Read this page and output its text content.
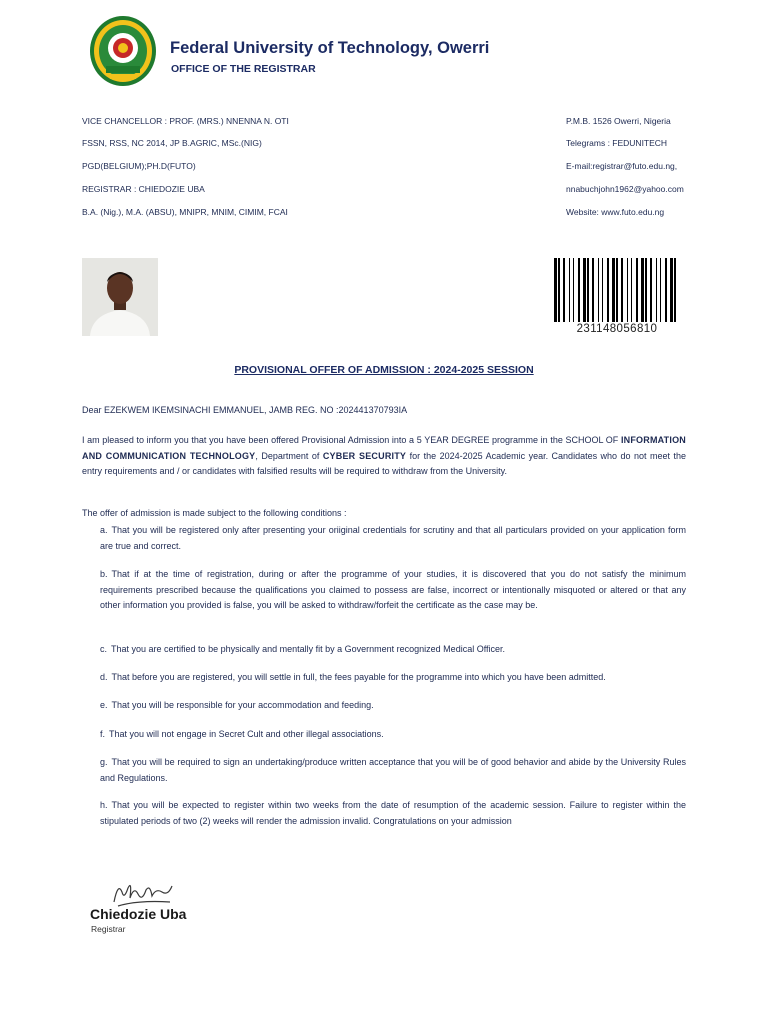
Federal University of Technology, Owerri
OFFICE OF THE REGISTRAR
VICE CHANCELLOR : PROF. (MRS.) NNENNA N. OTI
FSSN, RSS, NC 2014, JP B.AGRIC, MSc.(NIG)
PGD(BELGIUM);PH.D(FUTO)
REGISTRAR : CHIEDOZIE UBA
B.A. (Nig.), M.A. (ABSU), MNIPR, MNIM, CIMIM, FCAI
P.M.B. 1526 Owerri, Nigeria
Telegrams : FEDUNITECH
E-mail:registrar@futo.edu.ng,
nnabuchjohn1962@yahoo.com
Website: www.futo.edu.ng
231148056810
PROVISIONAL OFFER OF ADMISSION : 2024-2025 SESSION
Dear EZEKWEM IKEMSINACHI EMMANUEL, JAMB REG. NO :202441370793IA
I am pleased to inform you that you have been offered Provisional Admission into a 5 YEAR DEGREE programme in the SCHOOL OF INFORMATION AND COMMUNICATION TECHNOLOGY, Department of CYBER SECURITY for the 2024-2025 Academic year. Candidates who do not meet the entry requirements and / or candidates with falsified results will be required to withdraw from the University.
The offer of admission is made subject to the following conditions :
a. That you will be registered only after presenting your oriiginal credentials for scrutiny and that all particulars provided on your application form are true and correct.
b. That if at the time of registration, during or after the programme of your studies, it is discovered that you do not satisfy the minimum requirements prescribed because the qualifications you claimed to possess are false, incorrect or intentionally misquoted or altered or that any other information you provided is false, you will be asked to withdraw/forfeit the certificate as the case may be.
c. That you are certified to be physically and mentally fit by a Government recognized Medical Officer.
d. That before you are registered, you will settle in full, the fees payable for the programme into which you have been admitted.
e. That you will be responsible for your accommodation and feeding.
f. That you will not engage in Secret Cult and other illegal associations.
g. That you will be required to sign an undertaking/produce written acceptance that you will be of good behavior and abide by the University Rules and Regulations.
h. That you will be expected to register within two weeks from the date of resumption of the academic session. Failure to register within the stipulated periods of two (2) weeks will render the admission invalid. Congratulations on your admission
Chiedozie Uba
Registrar
